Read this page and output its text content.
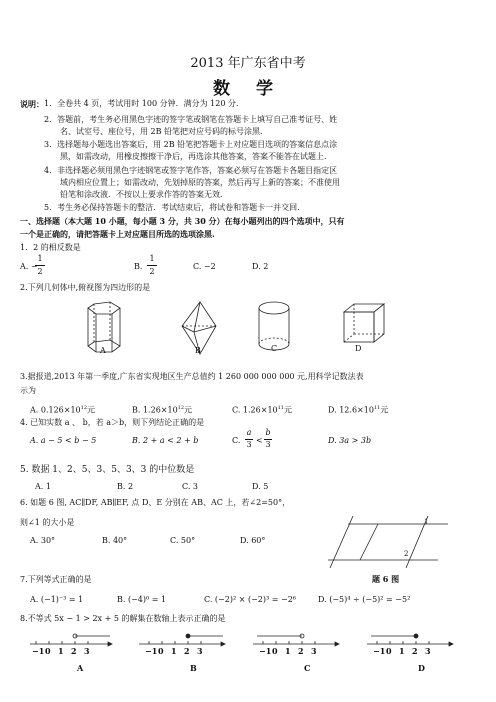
2013 年广东省中考
数 学
说明： 1．全卷共 4 页，考试用时 100 分钟．满分为 120 分．
2．答题前，考生务必用黑色字迹的签字笔或钢笔在答题卡上填写自己准考证号、姓
名、试室号、座位号，用 2B 铅笔把对应号码的标号涂黑．
3．选择题每小题选出答案后，用 2B 铅笔把答题卡上对应题目选项的答案信息点涂
黑，如需改动，用橡皮擦擦干净后，再选涂其他答案，答案不能答在试题上．
4．非选择题必须用黑色字迹钢笔或签字笔作答，答案必须写在答题卡各题目指定区
域内相应位置上；如需改动，先划掉原的答案，然后再写上新的答案；不准使用
铅笔和涂改液．不按以上要求作答的答案无效．
5．考生务必保持答题卡的整洁．考试结束后，将试卷和答题卡一并交回．
一、选择题（本大题 10 小题，每小题 3 分，共 30 分）在每小题列出的四个选项中，只有
一个是正确的，请把答题卡上对应题目所选的选项涂黑.
1．2 的相反数是
A. −
1
2
B.
1
2
C. −2	D. 2
2.下列几何体中,俯视图为四边形的是
A	B	C	D
3.据报道,2013 年第一季度,广东省实现地区生产总值约 1 260 000 000 000 元,用科学记数法表
示为
A. $0.126\times 10^{12}$元	B. $1.26\times 10^{12}$元	C. $1.26\times 10^{11}$元	D. $12.6\times 10^{11}$元
4. 已知实数 a 、 b，若 a＞b，则下列结论正确的是
A. a − 5 < b − 5	B. 2 + a < 2 + b	C.
a
3 <
b
3	D. 3a > 3b
5. 数据 1、2、5、3、5、3、3 的中位数是
A. 1	B. 2	C. 3	D. 5
6. 如题 6 图, AC∥DF, AB∥EF, 点 D、E 分别在 AB、AC 上，若∠2=50°，
则∠1 的大小是
A. 30°	B. 40°	C. 50°	D. 60°
1
2
题 6 图
7.下列等式正确的是
A. (−1)⁻³ = 1	B. (−4)⁰ = 1	C. (−2)² × (−2)³ = −2⁶	D. (−5)⁴ ÷ (−5)² = −5²
8.不等式 5x − 1 > 2x + 5 的解集在数轴上表示正确的是
−1 0 1 2 3	−1 0 1 2 3	−1 0 1 2 3	−1 0 1 2 3
A	B	C	D
